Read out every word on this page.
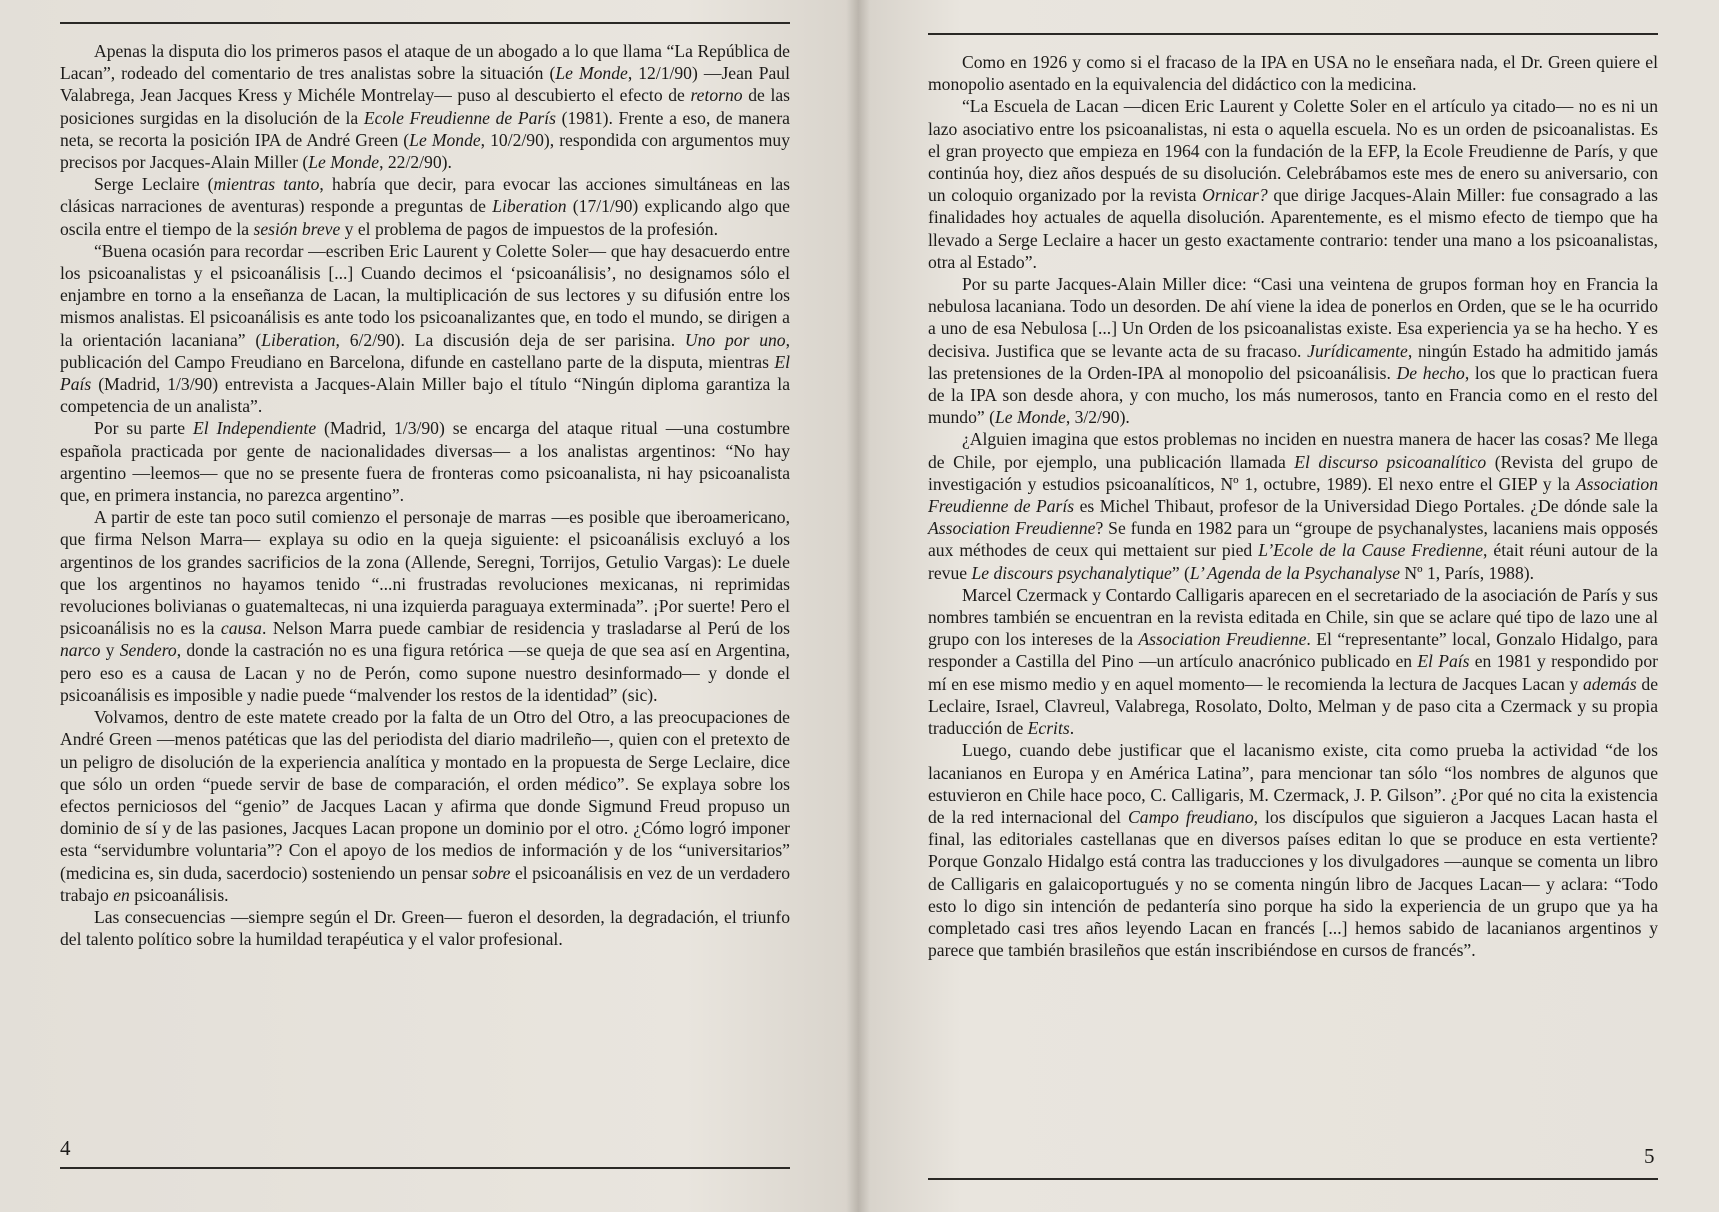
Apenas la disputa dio los primeros pasos el ataque de un abogado a lo que llama “La República de Lacan”, rodeado del comentario de tres analistas sobre la situación (Le Monde, 12/1/90) —Jean Paul Valabrega, Jean Jacques Kress y Michéle Montrelay— puso al descubierto el efecto de retorno de las posiciones surgidas en la disolución de la Ecole Freudienne de París (1981). Frente a eso, de manera neta, se recorta la posición IPA de André Green (Le Monde, 10/2/90), respondida con argumentos muy precisos por Jacques-Alain Miller (Le Monde, 22/2/90).

Serge Leclaire (mientras tanto, habría que decir, para evocar las acciones simultáneas en las clásicas narraciones de aventuras) responde a preguntas de Liberation (17/1/90) explicando algo que oscila entre el tiempo de la sesión breve y el problema de pagos de impuestos de la profesión.

“Buena ocasión para recordar —escriben Eric Laurent y Colette Soler— que hay desacuerdo entre los psicoanalistas y el psicoanálisis [...] Cuando decimos el ‘psicoanálisis’, no designamos sólo el enjambre en torno a la enseñanza de Lacan, la multiplicación de sus lectores y su difusión entre los mismos analistas. El psicoanálisis es ante todo los psicoanalizantes que, en todo el mundo, se dirigen a la orientación lacaniana” (Liberation, 6/2/90). La discusión deja de ser parisina. Uno por uno, publicación del Campo Freudiano en Barcelona, difunde en castellano parte de la disputa, mientras El País (Madrid, 1/3/90) entrevista a Jacques-Alain Miller bajo el título “Ningún diploma garantiza la competencia de un analista”.

Por su parte El Independiente (Madrid, 1/3/90) se encarga del ataque ritual —una costumbre española practicada por gente de nacionalidades diversas— a los analistas argentinos: “No hay argentino —leemos— que no se presente fuera de fronteras como psicoanalista, ni hay psicoanalista que, en primera instancia, no parezca argentino”.

A partir de este tan poco sutil comienzo el personaje de marras —es posible que iberoamericano, que firma Nelson Marra— explaya su odio en la queja siguiente: el psicoanálisis excluyó a los argentinos de los grandes sacrificios de la zona (Allende, Seregni, Torrijos, Getulio Vargas): Le duele que los argentinos no hayamos tenido “...ni frustradas revoluciones mexicanas, ni reprimidas revoluciones bolivianas o guatemaltecas, ni una izquierda paraguaya exterminada”. ¡Por suerte! Pero el psicoanálisis no es la causa. Nelson Marra puede cambiar de residencia y trasladarse al Perú de los narco y Sendero, donde la castración no es una figura retórica —se queja de que sea así en Argentina, pero eso es a causa de Lacan y no de Perón, como supone nuestro desinformado— y donde el psicoanálisis es imposible y nadie puede “malvender los restos de la identidad” (sic).

Volvamos, dentro de este matete creado por la falta de un Otro del Otro, a las preocupaciones de André Green —menos patéticas que las del periodista del diario madrileño—, quien con el pretexto de un peligro de disolución de la experiencia analítica y montado en la propuesta de Serge Leclaire, dice que sólo un orden “puede servir de base de comparación, el orden médico”. Se explaya sobre los efectos perniciosos del “genio” de Jacques Lacan y afirma que donde Sigmund Freud propuso un dominio de sí y de las pasiones, Jacques Lacan propone un dominio por el otro. ¿Cómo logró imponer esta “servidumbre voluntaria”? Con el apoyo de los medios de información y de los “universitarios” (medicina es, sin duda, sacerdocio) sosteniendo un pensar sobre el psicoanálisis en vez de un verdadero trabajo en psicoanálisis.

Las consecuencias —siempre según el Dr. Green— fueron el desorden, la degradación, el triunfo del talento político sobre la humildad terapéutica y el valor profesional.

4

Como en 1926 y como si el fracaso de la IPA en USA no le enseñara nada, el Dr. Green quiere el monopolio asentado en la equivalencia del didáctico con la medicina.

“La Escuela de Lacan —dicen Eric Laurent y Colette Soler en el artículo ya citado— no es ni un lazo asociativo entre los psicoanalistas, ni esta o aquella escuela. No es un orden de psicoanalistas. Es el gran proyecto que empieza en 1964 con la fundación de la EFP, la Ecole Freudienne de París, y que continúa hoy, diez años después de su disolución. Celebrábamos este mes de enero su aniversario, con un coloquio organizado por la revista Ornicar? que dirige Jacques-Alain Miller: fue consagrado a las finalidades hoy actuales de aquella disolución. Aparentemente, es el mismo efecto de tiempo que ha llevado a Serge Leclaire a hacer un gesto exactamente contrario: tender una mano a los psicoanalistas, otra al Estado”.

Por su parte Jacques-Alain Miller dice: “Casi una veintena de grupos forman hoy en Francia la nebulosa lacaniana. Todo un desorden. De ahí viene la idea de ponerlos en Orden, que se le ha ocurrido a uno de esa Nebulosa [...] Un Orden de los psicoanalistas existe. Esa experiencia ya se ha hecho. Y es decisiva. Justifica que se levante acta de su fracaso. Jurídicamente, ningún Estado ha admitido jamás las pretensiones de la Orden-IPA al monopolio del psicoanálisis. De hecho, los que lo practican fuera de la IPA son desde ahora, y con mucho, los más numerosos, tanto en Francia como en el resto del mundo” (Le Monde, 3/2/90).

¿Alguien imagina que estos problemas no inciden en nuestra manera de hacer las cosas? Me llega de Chile, por ejemplo, una publicación llamada El discurso psicoanalítico (Revista del grupo de investigación y estudios psicoanalíticos, Nº 1, octubre, 1989). El nexo entre el GIEP y la Association Freudienne de París es Michel Thibaut, profesor de la Universidad Diego Portales. ¿De dónde sale la Association Freudienne? Se funda en 1982 para un “groupe de psychanalystes, lacaniens mais opposés aux méthodes de ceux qui mettaient sur pied L’Ecole de la Cause Fredienne, était réuni autour de la revue Le discours psychanalytique” (L’ Agenda de la Psychanalyse Nº 1, París, 1988).

Marcel Czermack y Contardo Calligaris aparecen en el secretariado de la asociación de París y sus nombres también se encuentran en la revista editada en Chile, sin que se aclare qué tipo de lazo une al grupo con los intereses de la Association Freudienne. El “representante” local, Gonzalo Hidalgo, para responder a Castilla del Pino —un artículo anacrónico publicado en El País en 1981 y respondido por mí en ese mismo medio y en aquel momento— le recomienda la lectura de Jacques Lacan y además de Leclaire, Israel, Clavreul, Valabrega, Rosolato, Dolto, Melman y de paso cita a Czermack y su propia traducción de Ecrits.

Luego, cuando debe justificar que el lacanismo existe, cita como prueba la actividad “de los lacanianos en Europa y en América Latina”, para mencionar tan sólo “los nombres de algunos que estuvieron en Chile hace poco, C. Calligaris, M. Czermack, J. P. Gilson”. ¿Por qué no cita la existencia de la red internacional del Campo freudiano, los discípulos que siguieron a Jacques Lacan hasta el final, las editoriales castellanas que en diversos países editan lo que se produce en esta vertiente? Porque Gonzalo Hidalgo está contra las traducciones y los divulgadores —aunque se comenta un libro de Calligaris en galaicoportugués y no se comenta ningún libro de Jacques Lacan— y aclara: “Todo esto lo digo sin intención de pedantería sino porque ha sido la experiencia de un grupo que ya ha completado casi tres años leyendo Lacan en francés [...] hemos sabido de lacanianos argentinos y parece que también brasileños que están inscribiéndose en cursos de francés”.

5
